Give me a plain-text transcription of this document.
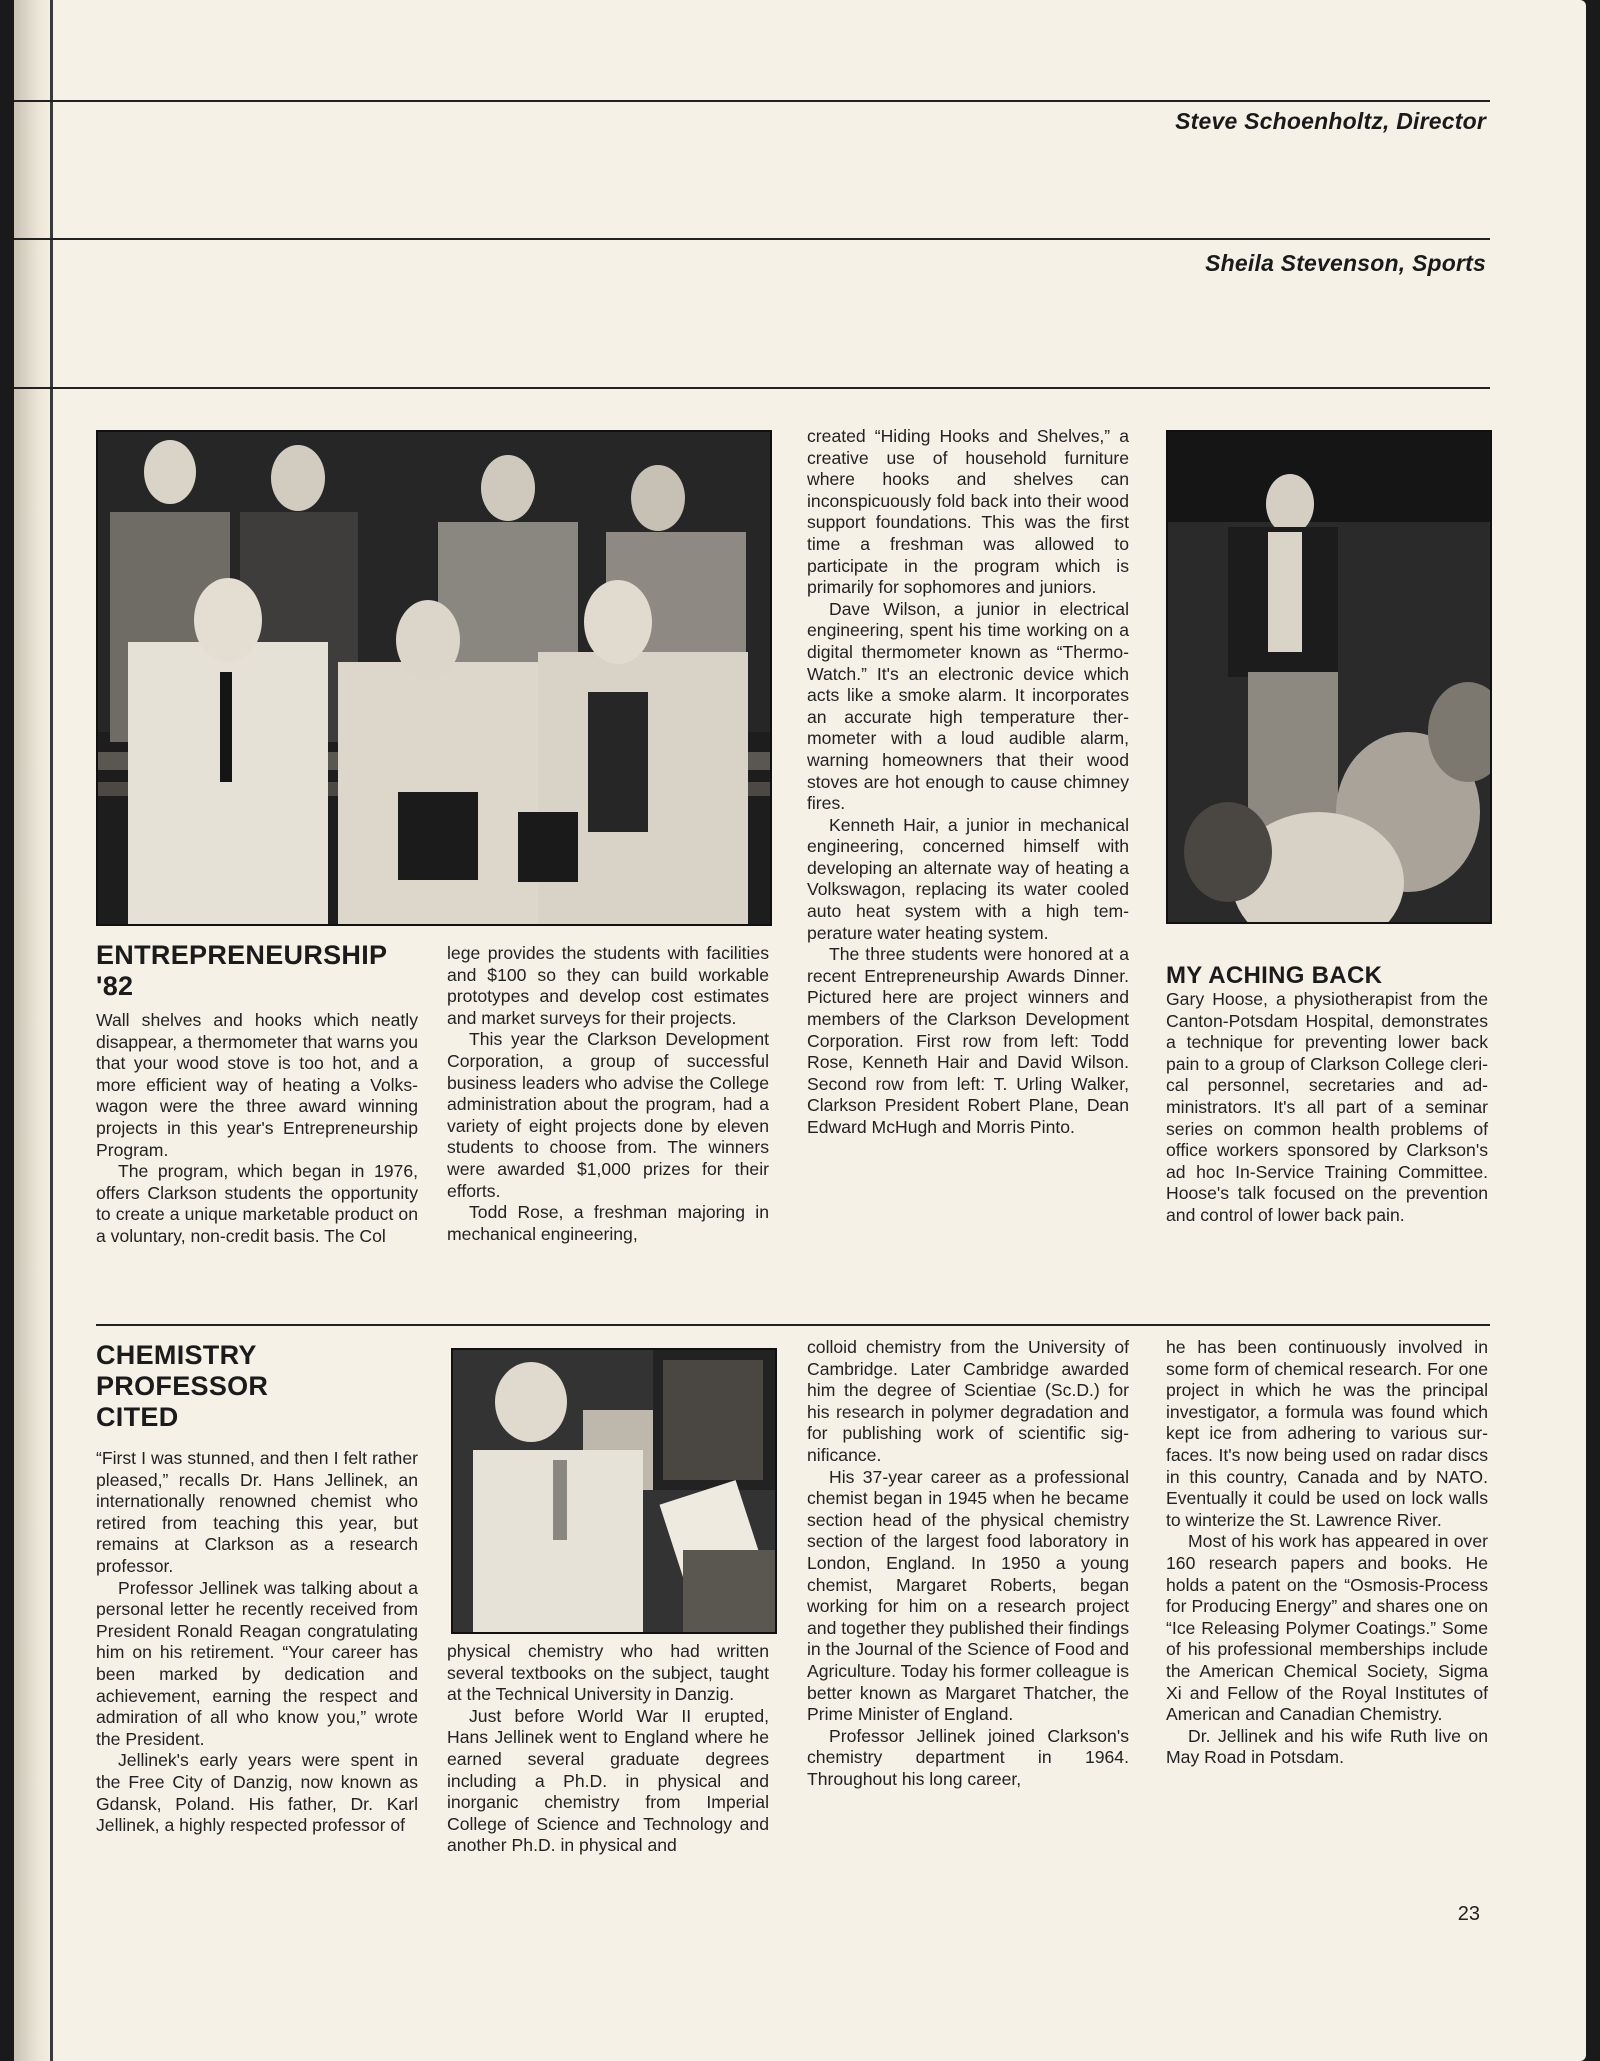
Steve Schoenholtz, Director
Sheila Stevenson, Sports
ENTREPRENEURSHIP
'82

Wall shelves and hooks which neatly disappear, a thermometer that warns you that your wood stove is too hot, and a more efficient way of heating a Volkswagon were the three award winning projects in this year's Entrepreneurship Program.

The program, which began in 1976, offers Clarkson students the opportunity to create a unique marketable product on a voluntary, non-credit basis. The Col

lege provides the students with facilities and $100 so they can build workable prototypes and develop cost estimates and market surveys for their projects.

This year the Clarkson Development Corporation, a group of successful business leaders who advise the College administration about the program, had a variety of eight projects done by eleven students to choose from. The winners were awarded $1,000 prizes for their efforts.

Todd Rose, a freshman majoring in mechanical engineering,

created “Hiding Hooks and Shelves,” a creative use of household furniture where hooks and shelves can inconspicuously fold back into their wood support foundations. This was the first time a freshman was allowed to participate in the program which is primarily for sophomores and juniors.

Dave Wilson, a junior in electrical engineering, spent his time working on a digital thermometer known as “Thermo-Watch.” It's an electronic device which acts like a smoke alarm. It incorporates an accurate high temperature thermometer with a loud audible alarm, warning homeowners that their wood stoves are hot enough to cause chimney fires.

Kenneth Hair, a junior in mechanical engineering, concerned himself with developing an alternate way of heating a Volkswagon, replacing its water cooled auto heat system with a high temperature water heating system.

The three students were honored at a recent Entrepreneurship Awards Dinner. Pictured here are project winners and members of the Clarkson Development Corporation. First row from left: Todd Rose, Kenneth Hair and David Wilson. Second row from left: T. Urling Walker, Clarkson President Robert Plane, Dean Edward McHugh and Morris Pinto.

MY ACHING BACK

Gary Hoose, a physiotherapist from the Canton-Potsdam Hospital, demonstrates a technique for preventing lower back pain to a group of Clarkson College clerical personnel, secretaries and administrators. It's all part of a seminar series on common health problems of office workers sponsored by Clarkson's ad hoc In-Service Training Committee. Hoose's talk focused on the prevention and control of lower back pain.

CHEMISTRY
PROFESSOR
CITED

“First I was stunned, and then I felt rather pleased,” recalls Dr. Hans Jellinek, an internationally renowned chemist who retired from teaching this year, but remains at Clarkson as a research professor.

Professor Jellinek was talking about a personal letter he recently received from President Ronald Reagan congratulating him on his retirement. “Your career has been marked by dedication and achievement, earning the respect and admiration of all who know you,” wrote the President.

Jellinek's early years were spent in the Free City of Danzig, now known as Gdansk, Poland. His father, Dr. Karl Jellinek, a highly respected professor of

physical chemistry who had written several textbooks on the subject, taught at the Technical University in Danzig.

Just before World War II erupted, Hans Jellinek went to England where he earned several graduate degrees including a Ph.D. in physical and inorganic chemistry from Imperial College of Science and Technology and another Ph.D. in physical and

colloid chemistry from the University of Cambridge. Later Cambridge awarded him the degree of Scientiae (Sc.D.) for his research in polymer degradation and for publishing work of scientific significance.

His 37-year career as a professional chemist began in 1945 when he became section head of the physical chemistry section of the largest food laboratory in London, England. In 1950 a young chemist, Margaret Roberts, began working for him on a research project and together they published their findings in the Journal of the Science of Food and Agriculture. Today his former colleague is better known as Margaret Thatcher, the Prime Minister of England.

Professor Jellinek joined Clarkson's chemistry department in 1964. Throughout his long career,

he has been continuously involved in some form of chemical research. For one project in which he was the principal investigator, a formula was found which kept ice from adhering to various surfaces. It's now being used on radar discs in this country, Canada and by NATO. Eventually it could be used on lock walls to winterize the St. Lawrence River.

Most of his work has appeared in over 160 research papers and books. He holds a patent on the “Osmosis-Process for Producing Energy” and shares one on “Ice Releasing Polymer Coatings.” Some of his professional memberships include the American Chemical Society, Sigma Xi and Fellow of the Royal Institutes of American and Canadian Chemistry.

Dr. Jellinek and his wife Ruth live on May Road in Potsdam.

23
